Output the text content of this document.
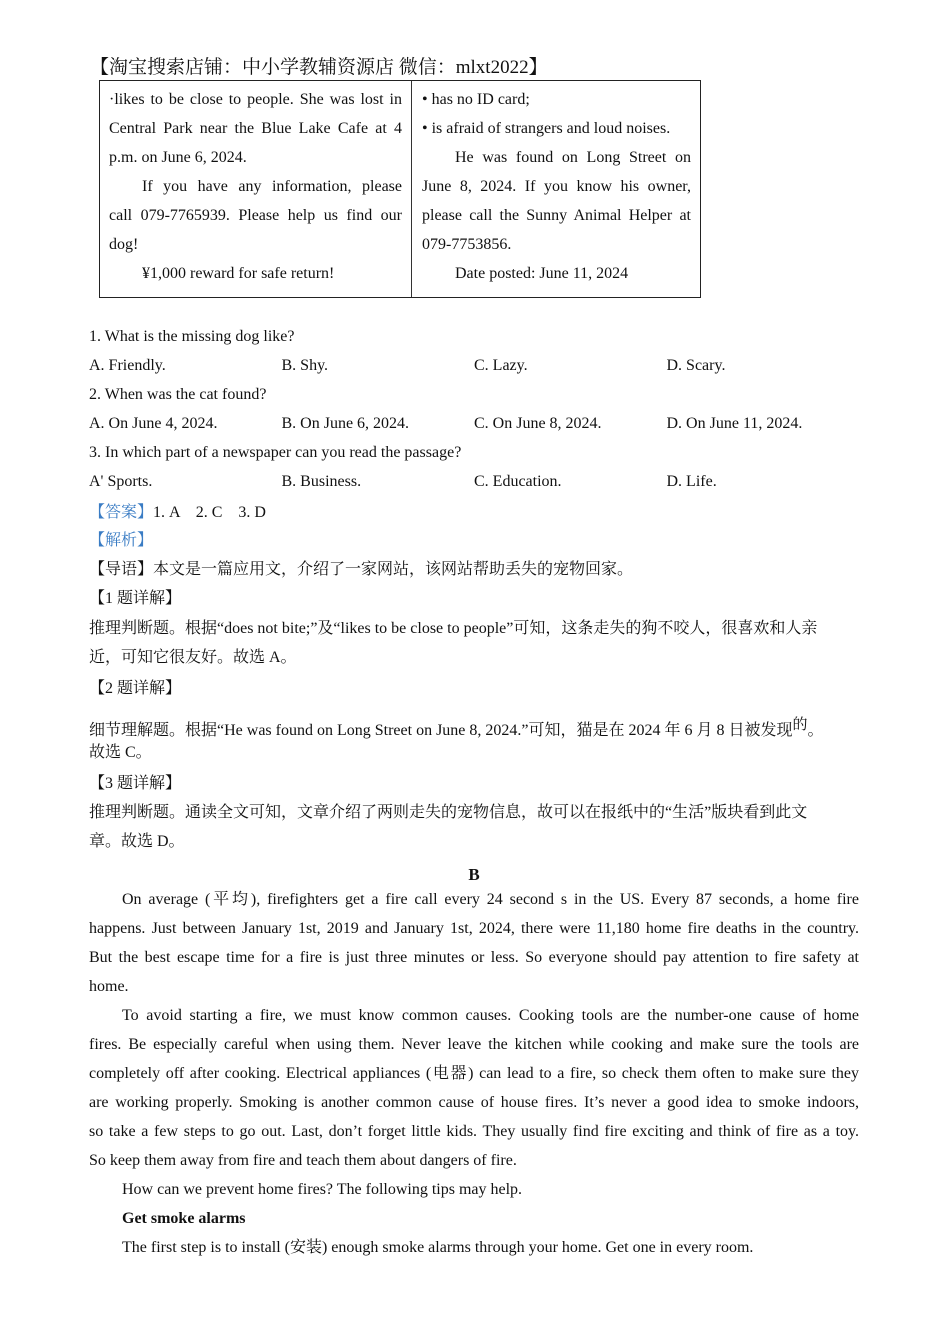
【淘宝搜索店铺：中小学教辅资源店 微信：mlxt2022】
·likes to be close to people. She was lost in
Central Park near the Blue Lake Cafe at 4
p.m. on June 6, 2024.
If you have any information, please
call 079-7765939. Please help us find our
dog!
¥1,000 reward for safe return!
• has no ID card;
• is afraid of strangers and loud noises.
He was found on Long Street on
June 8, 2024. If you know his owner,
please call the Sunny Animal Helper at
079-7753856.
Date posted: June 11, 2024
1. What is the missing dog like?
A. Friendly.	B. Shy.	C. Lazy.	D. Scary.
2. When was the cat found?
A. On June 4, 2024.	B. On June 6, 2024.	C. On June 8, 2024.	D. On June 11, 2024.
3. In which part of a newspaper can you read the passage?
A' Sports.	B. Business.	C. Education.	D. Life.
【答案】1. A    2. C    3. D
【解析】
【导语】本文是一篇应用文，介绍了一家网站，该网站帮助丢失的宠物回家。
【1 题详解】
推理判断题。根据“does not bite;”及“likes to be close to people”可知，这条走失的狗不咬人，很喜欢和人亲
近，可知它很友好。故选 A。
【2 题详解】
细节理解题。根据“He was found on Long Street on June 8, 2024.”可知，猫是在 2024 年 6 月 8 日被发现的。
故选 C。
【3 题详解】
推理判断题。通读全文可知，文章介绍了两则走失的宠物信息，故可以在报纸中的“生活”版块看到此文
章。故选 D。
B
On average (平均), firefighters get a fire call every 24 second s in the US. Every 87 seconds, a home fire
happens. Just between January 1st, 2019 and January 1st, 2024, there were 11,180 home fire deaths in the country.
But the best escape time for a fire is just three minutes or less. So everyone should pay attention to fire safety at
home.
To avoid starting a fire, we must know common causes. Cooking tools are the number-one cause of home
fires. Be especially careful when using them. Never leave the kitchen while cooking and make sure the tools are
completely off after cooking. Electrical appliances (电器) can lead to a fire, so check them often to make sure they
are working properly. Smoking is another common cause of house fires. It’s never a good idea to smoke indoors,
so take a few steps to go out. Last, don’t forget little kids. They usually find fire exciting and think of fire as a toy.
So keep them away from fire and teach them about dangers of fire.
How can we prevent home fires? The following tips may help.
Get smoke alarms
The first step is to install (安装) enough smoke alarms through your home. Get one in every room.
